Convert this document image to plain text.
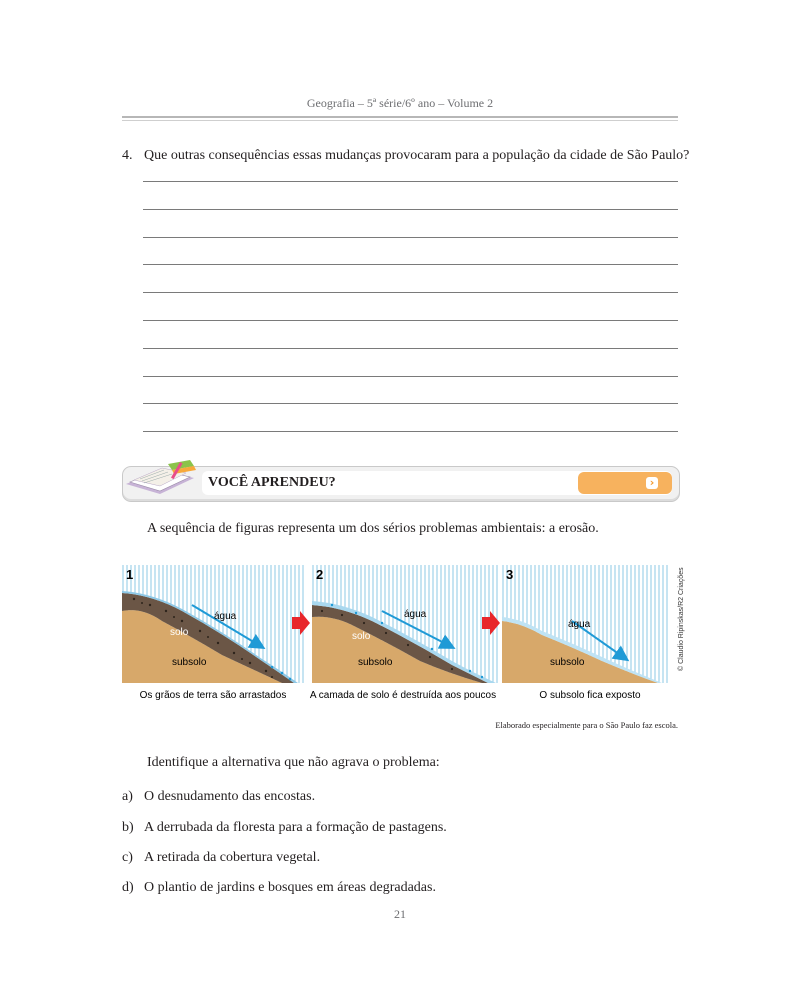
Geografia – 5ª série/6º ano – Volume 2
4. Que outras consequências essas mudanças provocaram para a população da cidade de São Paulo?
VOCÊ APRENDEU?	›
A sequência de figuras representa um dos sérios problemas ambientais: a erosão.
1
água
solo
subsolo
2
água
solo
subsolo
3
água
subsolo	© Claudio Ripinskas/R2 Criações
Os grãos de terra são arrastados	A camada de solo é destruída aos poucos	O subsolo fica exposto
Elaborado especialmente para o São Paulo faz escola.
Identifique a alternativa que não agrava o problema:
a) O desnudamento das encostas.
b) A derrubada da floresta para a formação de pastagens.
c) A retirada da cobertura vegetal.
d) O plantio de jardins e bosques em áreas degradadas.
21
